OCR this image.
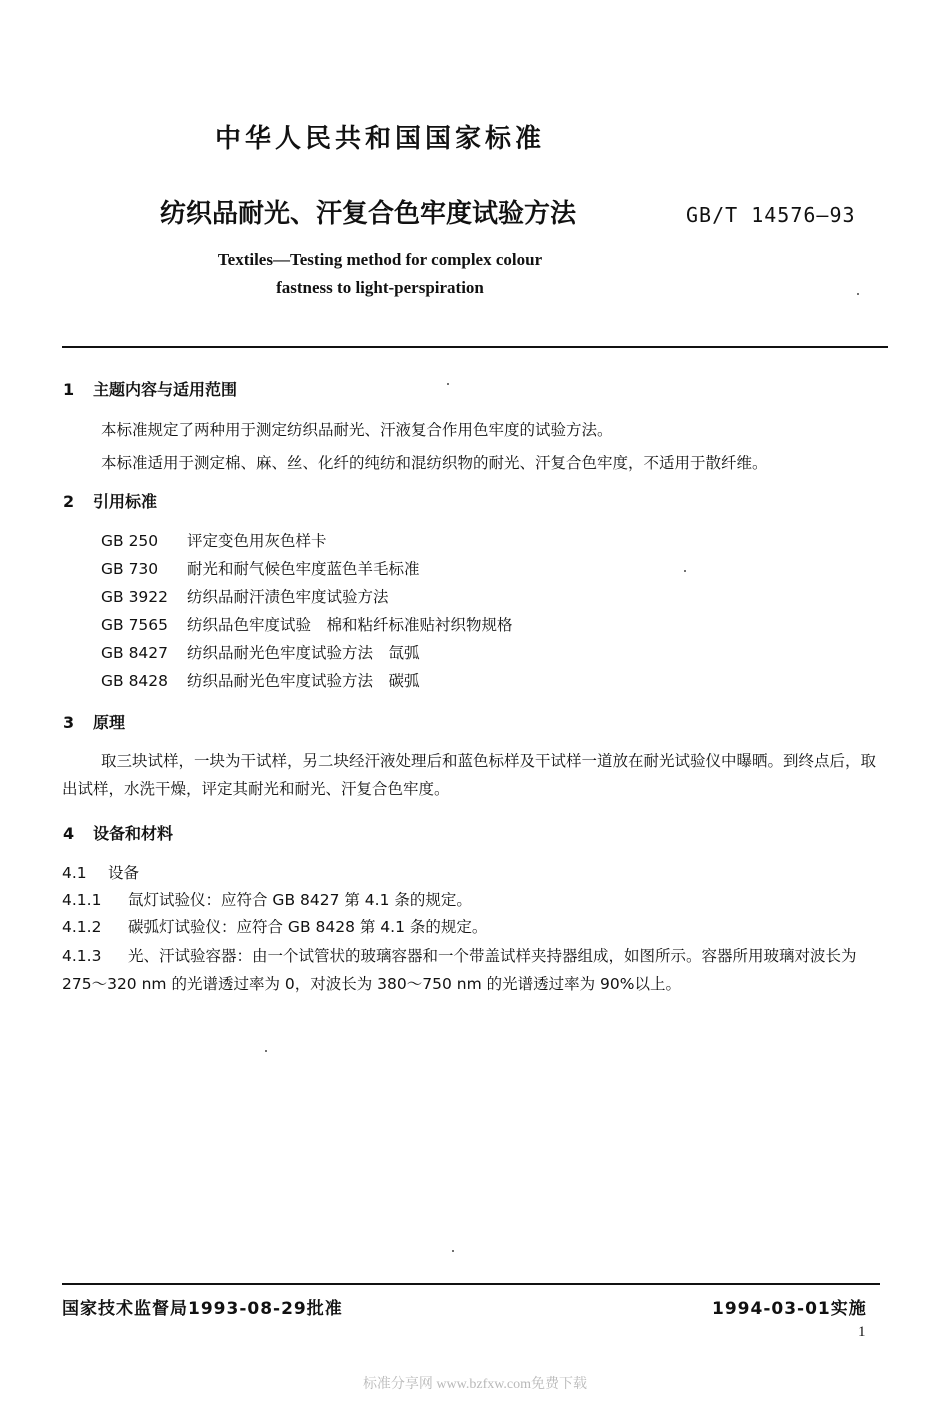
中华人民共和国国家标准
纺织品耐光、汗复合色牢度试验方法	GB/T 14576—93
Textiles—Testing method for complex colour
fastness to light-perspiration
1 主题内容与适用范围
本标准规定了两种用于测定纺织品耐光、汗液复合作用色牢度的试验方法。
本标准适用于测定棉、麻、丝、化纤的纯纺和混纺织物的耐光、汗复合色牢度，不适用于散纤维。
2 引用标准
GB 250 评定变色用灰色样卡
GB 730 耐光和耐气候色牢度蓝色羊毛标准
GB 3922 纺织品耐汗渍色牢度试验方法
GB 7565 纺织品色牢度试验　棉和粘纤标准贴衬织物规格
GB 8427 纺织品耐光色牢度试验方法　氙弧
GB 8428 纺织品耐光色牢度试验方法　碳弧
3 原理
取三块试样，一块为干试样，另二块经汗液处理后和蓝色标样及干试样一道放在耐光试验仪中曝晒。到终点后，取出试样，水洗干燥，评定其耐光和耐光、汗复合色牢度。
4 设备和材料
4.1 设备
4.1.1 氙灯试验仪：应符合 GB 8427 第 4.1 条的规定。
4.1.2 碳弧灯试验仪：应符合 GB 8428 第 4.1 条的规定。
4.1.3 光、汗试验容器：由一个试管状的玻璃容器和一个带盖试样夹持器组成，如图所示。容器所用玻璃对波长为 275～320 nm 的光谱透过率为 0，对波长为 380～750 nm 的光谱透过率为 90%以上。
国家技术监督局1993-08-29批准	1994-03-01实施
1
标准分享网 www.bzfxw.com免费下载
